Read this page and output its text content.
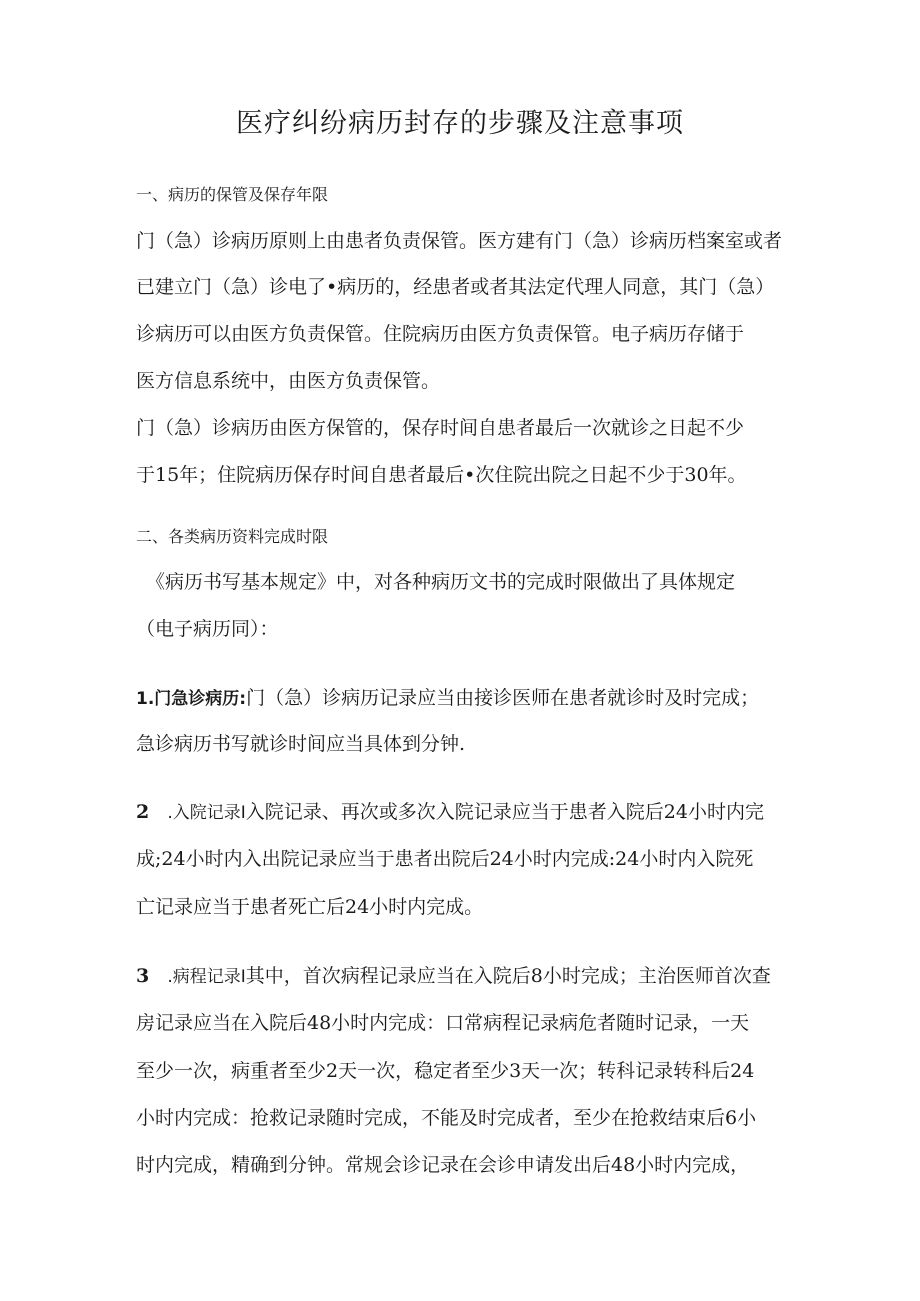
医疗纠纷病历封存的步骤及注意事项
一、病历的保管及保存年限
门（急）诊病历原则上由患者负责保管。医方建有门（急）诊病历档案室或者
已建立门（急）诊电了•病历的，经患者或者其法定代理人同意，其门（急）
诊病历可以由医方负责保管。住院病历由医方负责保管。电子病历存储于
医方信息系统中，由医方负责保管。
门（急）诊病历由医方保管的，保存时间自患者最后一次就诊之日起不少
于15年；住院病历保存时间自患者最后•次住院出院之日起不少于30年。
二、各类病历资料完成时限
《病历书写基本规定》中，对各种病历文书的完成时限做出了具体规定
（电子病历同）：
1.门急诊病历:门（急）诊病历记录应当由接诊医师在患者就诊时及时完成；
急诊病历书写就诊时间应当具体到分钟.
2 .入院记录I入院记录、再次或多次入院记录应当于患者入院后24小时内完
成;24小时内入出院记录应当于患者出院后24小时内完成:24小时内入院死
亡记录应当于患者死亡后24小时内完成。
3 .病程记录I其中，首次病程记录应当在入院后8小时完成；主治医师首次查
房记录应当在入院后48小时内完成：口常病程记录病危者随时记录，一天
至少一次，病重者至少2天一次，稳定者至少3天一次；转科记录转科后24
小时内完成：抢救记录随时完成，不能及时完成者，至少在抢救结束后6小
时内完成，精确到分钟。常规会诊记录在会诊申请发出后48小时内完成，
